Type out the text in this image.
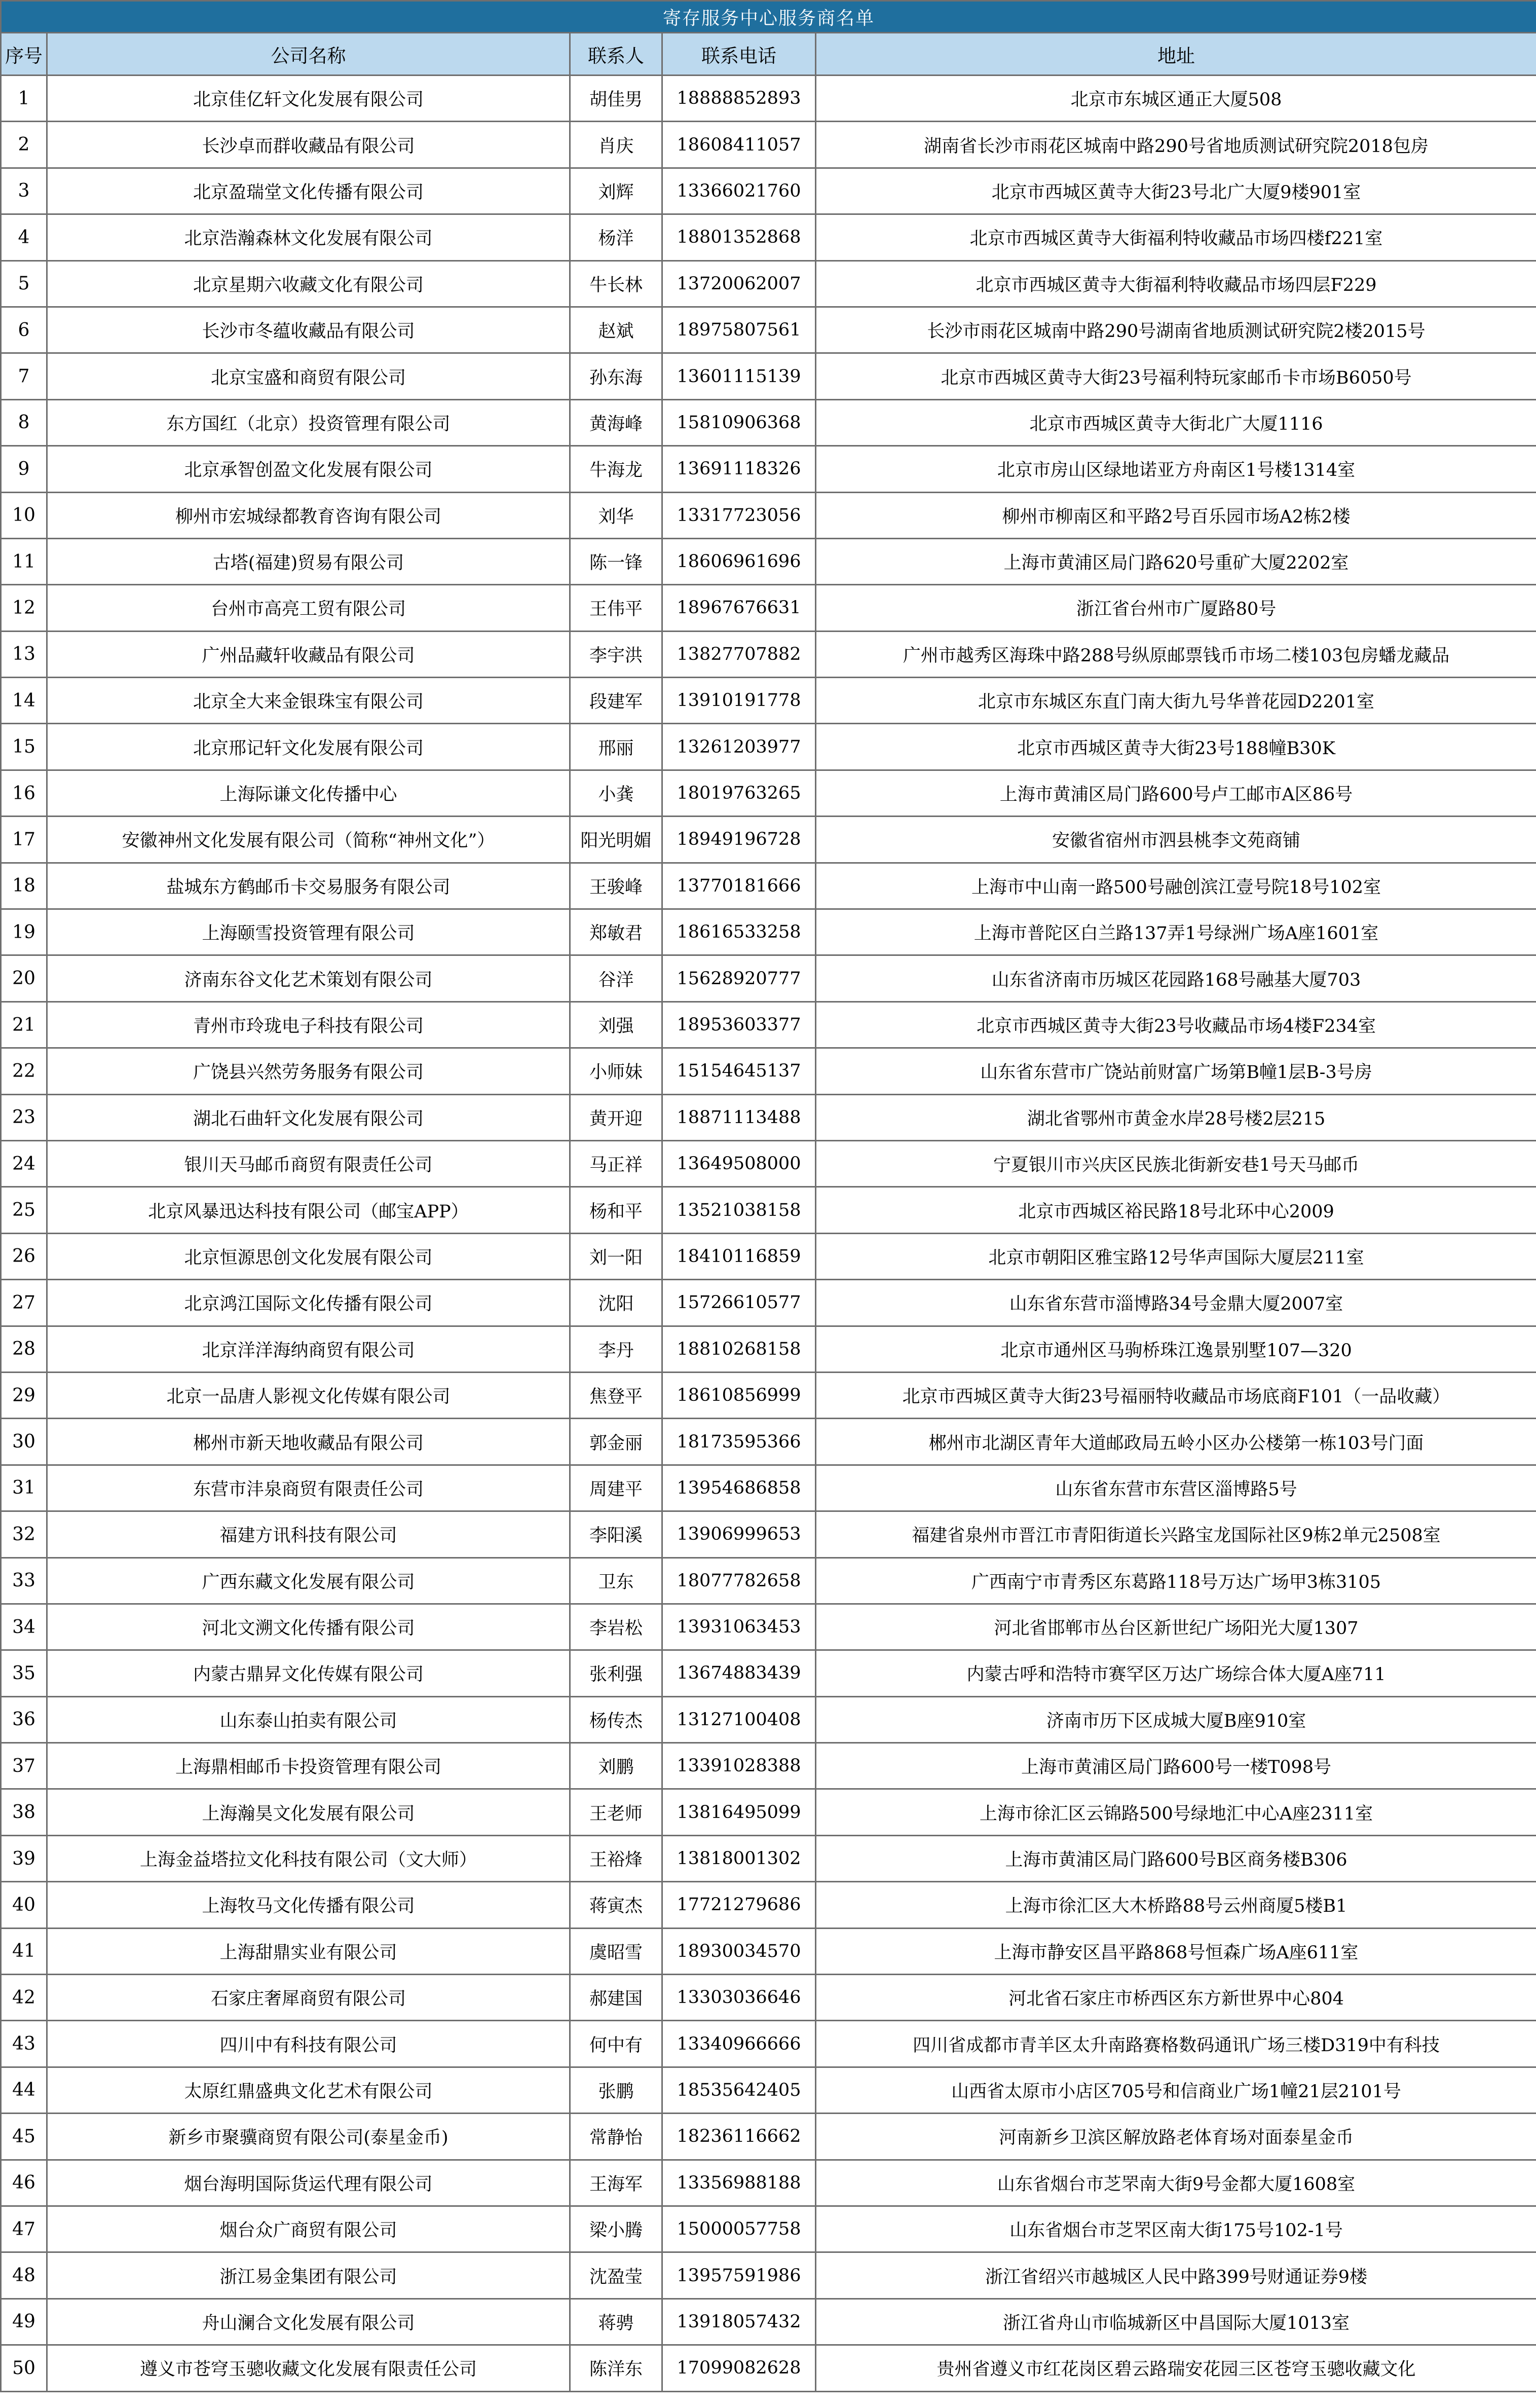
寄存服务中心服务商名单				
序号	公司名称	联系人	联系电话	地址
1	北京佳亿轩文化发展有限公司	胡佳男	18888852893	北京市东城区通正大厦508
2	长沙卓而群收藏品有限公司	肖庆	18608411057	湖南省长沙市雨花区城南中路290号省地质测试研究院2018包房
3	北京盈瑞堂文化传播有限公司	刘辉	13366021760	北京市西城区黄寺大街23号北广大厦9楼901室
4	北京浩瀚森林文化发展有限公司	杨洋	18801352868	北京市西城区黄寺大街福利特收藏品市场四楼f221室
5	北京星期六收藏文化有限公司	牛长林	13720062007	北京市西城区黄寺大街福利特收藏品市场四层F229
6	长沙市冬蕴收藏品有限公司	赵斌	18975807561	长沙市雨花区城南中路290号湖南省地质测试研究院2楼2015号
7	北京宝盛和商贸有限公司	孙东海	13601115139	北京市西城区黄寺大街23号福利特玩家邮币卡市场B6050号
8	东方国红（北京）投资管理有限公司	黄海峰	15810906368	北京市西城区黄寺大街北广大厦1116
9	北京承智创盈文化发展有限公司	牛海龙	13691118326	北京市房山区绿地诺亚方舟南区1号楼1314室
10	柳州市宏城绿都教育咨询有限公司	刘华	13317723056	柳州市柳南区和平路2号百乐园市场A2栋2楼
11	古塔(福建)贸易有限公司	陈一锋	18606961696	上海市黄浦区局门路620号重矿大厦2202室
12	台州市高亮工贸有限公司	王伟平	18967676631	浙江省台州市广厦路80号
13	广州品藏轩收藏品有限公司	李宇洪	13827707882	广州市越秀区海珠中路288号纵原邮票钱币市场二楼103包房蟠龙藏品
14	北京全大来金银珠宝有限公司	段建军	13910191778	北京市东城区东直门南大街九号华普花园D2201室
15	北京邢记轩文化发展有限公司	邢丽	13261203977	北京市西城区黄寺大街23号188幢B30K
16	上海际谦文化传播中心	小龚	18019763265	上海市黄浦区局门路600号卢工邮市A区86号
17	安徽神州文化发展有限公司（简称“神州文化”）	阳光明媚	18949196728	安徽省宿州市泗县桃李文苑商铺
18	盐城东方鹤邮币卡交易服务有限公司	王骏峰	13770181666	上海市中山南一路500号融创滨江壹号院18号102室
19	上海颐雪投资管理有限公司	郑敏君	18616533258	上海市普陀区白兰路137弄1号绿洲广场A座1601室
20	济南东谷文化艺术策划有限公司	谷洋	15628920777	山东省济南市历城区花园路168号融基大厦703
21	青州市玲珑电子科技有限公司	刘强	18953603377	北京市西城区黄寺大街23号收藏品市场4楼F234室
22	广饶县兴然劳务服务有限公司	小师妹	15154645137	山东省东营市广饶站前财富广场第B幢1层B-3号房
23	湖北石曲轩文化发展有限公司	黄开迎	18871113488	湖北省鄂州市黄金水岸28号楼2层215
24	银川天马邮币商贸有限责任公司	马正祥	13649508000	宁夏银川市兴庆区民族北街新安巷1号天马邮币
25	北京风暴迅达科技有限公司（邮宝APP）	杨和平	13521038158	北京市西城区裕民路18号北环中心2009
26	北京恒源思创文化发展有限公司	刘一阳	18410116859	北京市朝阳区雅宝路12号华声国际大厦层211室
27	北京鸿江国际文化传播有限公司	沈阳	15726610577	山东省东营市淄博路34号金鼎大厦2007室
28	北京洋洋海纳商贸有限公司	李丹	18810268158	北京市通州区马驹桥珠江逸景别墅107—320
29	北京一品唐人影视文化传媒有限公司	焦登平	18610856999	北京市西城区黄寺大街23号福丽特收藏品市场底商F101（一品收藏）
30	郴州市新天地收藏品有限公司	郭金丽	18173595366	郴州市北湖区青年大道邮政局五岭小区办公楼第一栋103号门面
31	东营市沣泉商贸有限责任公司	周建平	13954686858	山东省东营市东营区淄博路5号
32	福建方讯科技有限公司	李阳溪	13906999653	福建省泉州市晋江市青阳街道长兴路宝龙国际社区9栋2单元2508室
33	广西东藏文化发展有限公司	卫东	18077782658	广西南宁市青秀区东葛路118号万达广场甲3栋3105
34	河北文溯文化传播有限公司	李岩松	13931063453	河北省邯郸市丛台区新世纪广场阳光大厦1307
35	内蒙古鼎昇文化传媒有限公司	张利强	13674883439	内蒙古呼和浩特市赛罕区万达广场综合体大厦A座711
36	山东泰山拍卖有限公司	杨传杰	13127100408	济南市历下区成城大厦B座910室
37	上海鼎相邮币卡投资管理有限公司	刘鹏	13391028388	上海市黄浦区局门路600号一楼T098号
38	上海瀚昊文化发展有限公司	王老师	13816495099	上海市徐汇区云锦路500号绿地汇中心A座2311室
39	上海金益塔拉文化科技有限公司（文大师）	王裕烽	13818001302	上海市黄浦区局门路600号B区商务楼B306
40	上海牧马文化传播有限公司	蒋寅杰	17721279686	上海市徐汇区大木桥路88号云州商厦5楼B1
41	上海甜鼎实业有限公司	虞昭雪	18930034570	上海市静安区昌平路868号恒森广场A座611室
42	石家庄奢犀商贸有限公司	郝建国	13303036646	河北省石家庄市桥西区东方新世界中心804
43	四川中有科技有限公司	何中有	13340966666	四川省成都市青羊区太升南路赛格数码通讯广场三楼D319中有科技
44	太原红鼎盛典文化艺术有限公司	张鹏	18535642405	山西省太原市小店区705号和信商业广场1幢21层2101号
45	新乡市聚骥商贸有限公司(泰星金币)	常静怡	18236116662	河南新乡卫滨区解放路老体育场对面泰星金币
46	烟台海明国际货运代理有限公司	王海军	13356988188	山东省烟台市芝罘南大街9号金都大厦1608室
47	烟台众广商贸有限公司	梁小腾	15000057758	山东省烟台市芝罘区南大街175号102-1号
48	浙江易金集团有限公司	沈盈莹	13957591986	浙江省绍兴市越城区人民中路399号财通证券9楼
49	舟山澜合文化发展有限公司	蒋骋	13918057432	浙江省舟山市临城新区中昌国际大厦1013室
50	遵义市苍穹玉骢收藏文化发展有限责任公司	陈洋东	17099082628	贵州省遵义市红花岗区碧云路瑞安花园三区苍穹玉骢收藏文化
